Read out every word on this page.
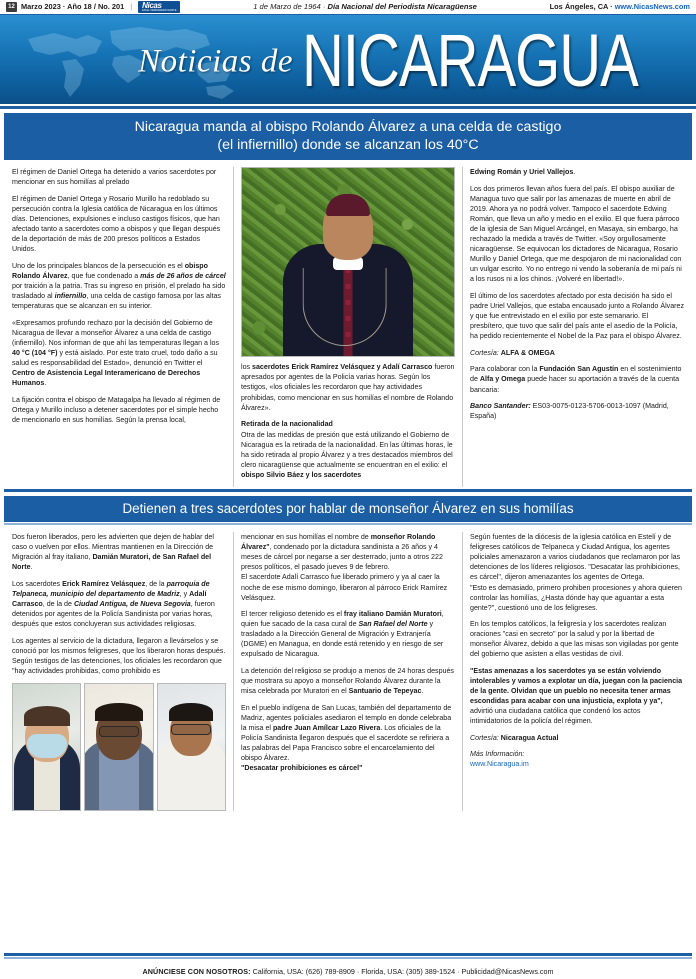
12 Marzo 2023 · Año 18 / No. 201 |	Nicas
EN EL VERDADERO NORTE	1 de Marzo de 1964 · Día Nacional del Periodista Nicaragüense	Los Ángeles, CA · www.NicasNews.com
Noticias de NICARAGUA
Nicaragua manda al obispo Rolando Álvarez a una celda de castigo
(el infiernillo) donde se alcanzan los 40°C

El régimen de Daniel Ortega ha detenido a varios sacerdotes por mencionar en sus homilías al prelado

El régimen de Daniel Ortega y Rosario Murillo ha redoblado su persecución contra la Iglesia católica de Nicaragua en los últimos días. Detenciones, expulsiones e incluso castigos físicos, que han afectado tanto a sacerdotes como a obispos y que llegan después de la deportación de más de 200 presos políticos a Estados Unidos.

Uno de los principales blancos de la persecución es el obispo Rolando Álvarez, que fue condenado a más de 26 años de cárcel por traición a la patria. Tras su ingreso en prisión, el prelado ha sido trasladado al infiernillo, una celda de castigo famosa por las altas temperaturas que se alcanzan en su interior.

«Expresamos profundo rechazo por la decisión del Gobierno de Nicaragua de llevar a monseñor Álvarez a una celda de castigo (infiernillo). Nos informan de que ahí las temperaturas llegan a los 40 °C (104 °F) y está aislado. Por este trato cruel, todo daño a su salud es responsabilidad del Estado», denunció en Twitter el Centro de Asistencia Legal Interamericano de Derechos Humanos.

La fijación contra el obispo de Matagalpa ha llevado al régimen de Ortega y Murillo incluso a detener sacerdotes por el simple hecho de mencionarlo en sus homilías. Según la prensa local,

los sacerdotes Erick Ramírez Velásquez y Adalí Carrasco fueron apresados por agentes de la Policía varias horas. Según los testigos, «los oficiales les recordaron que hay actividades prohibidas, como mencionar en sus homilías el nombre de Rolando Álvarez».

Retirada de la nacionalidad

Otra de las medidas de presión que está utilizando el Gobierno de Nicaragua es la retirada de la nacionalidad. En las últimas horas, le ha sido retirada al propio Álvarez y a tres destacados miembros del clero nicaragüense que actualmente se encuentran en el exilio: el obispo Silvio Báez y los sacerdotes

Edwing Román y Uriel Vallejos.

Los dos primeros llevan años fuera del país. El obispo auxiliar de Managua tuvo que salir por las amenazas de muerte en abril de 2019. Ahora ya no podrá volver. Tampoco el sacerdote Edwing Román, que lleva un año y medio en el exilio. El que fuera párroco de la iglesia de San Miguel Arcángel, en Masaya, sin embargo, ha rechazado la medida a través de Twitter. «Soy orgullosamente nicaragüense. Se equivocan los dictadores de Nicaragua, Rosario Murillo y Daniel Ortega, que me despojaron de mi nacionalidad con un vulgar escrito. Yo no entrego ni vendo la soberanía de mi país ni a los rusos ni a los chinos. ¡Volveré en libertad!».

El último de los sacerdotes afectado por esta decisión ha sido el padre Uriel Vallejos, que estaba encausado junto a Rolando Álvarez y que fue entrevistado en el exilio por este semanario. El presbítero, que tuvo que salir del país ante el asedio de la Policía, ha pedido recientemente el Nobel de la Paz para el obispo Álvarez.

Cortesía: ALFA & OMEGA

Para colaborar con la Fundación San Agustín en el sostenimiento de Alfa y Omega puede hacer su aportación a través de la cuenta bancaria:

Banco Santander: ES03-0075-0123-5706-0013-1097 (Madrid, España)

Detienen a tres sacerdotes por hablar de monseñor Álvarez en sus homilías

Dos fueron liberados, pero les advierten que dejen de hablar del caso o vuelven por ellos. Mientras mantienen en la Dirección de Migración al fray italiano, Damián Muratori, de San Rafael del Norte.

Los sacerdotes Erick Ramírez Velásquez, de la parroquia de Telpaneca, municipio del departamento de Madriz, y Adalí Carrasco, de la de Ciudad Antigua, de Nueva Segovia, fueron detenidos por agentes de la Policía Sandinista por varias horas, después que estos concluyeran sus actividades religiosas.

Los agentes al servicio de la dictadura, llegaron a llevárselos y se conoció por los mismos feligreses, que los liberaron horas después. Según testigos de las detenciones, los oficiales les recordaron que "hay actividades prohibidas, como prohibido es

mencionar en sus homilías el nombre de monseñor Rolando Álvarez", condenado por la dictadura sandinista a 26 años y 4 meses de cárcel por negarse a ser desterrado, junto a otros 222 presos políticos, el pasado jueves 9 de febrero.

El sacerdote Adalí Carrasco fue liberado primero y ya al caer la noche de ese mismo domingo, liberaron al párroco Erick Ramírez Velásquez.

El tercer religioso detenido es el fray italiano Damián Muratori, quien fue sacado de la casa cural de San Rafael del Norte y trasladado a la Dirección General de Migración y Extranjería (DGME) en Managua, en donde está retenido y en riesgo de ser expulsado de Nicaragua.

La detención del religioso se produjo a menos de 24 horas después que mostrara su apoyo a monseñor Rolando Álvarez durante la misa celebrada por Muratori en el Santuario de Tepeyac.

En el pueblo indígena de San Lucas, también del departamento de Madriz, agentes policiales asediaron el templo en donde celebraba la misa el padre Juan Amílcar Lazo Rivera. Los oficiales de la Policía Sandinista llegaron después que el sacerdote se refiriera a las palabras del Papa Francisco sobre el encarcelamiento del obispo Álvarez.

"Desacatar prohibiciones es cárcel"

Según fuentes de la diócesis de la iglesia católica en Estelí y de feligreses católicos de Telpaneca y Ciudad Antigua, los agentes policiales amenazaron a varios ciudadanos que reclamaron por las detenciones de los líderes religiosos. "Desacatar las prohibiciones, es cárcel", dijeron amenazantes los agentes de Ortega.

"Esto es demasiado, primero prohiben procesiones y ahora quieren controlar las homilías, ¿Hasta dónde hay que aguantar a esta gente?", cuestionó uno de los feligreses.

En los templos católicos, la feligresía y los sacerdotes realizan oraciones "casi en secreto" por la salud y por la libertad de monseñor Álvarez, debido a que las misas son vigiladas por gente del gobierno que asisten a ellas vestidas de civil.

"Estas amenazas a los sacerdotes ya se están volviendo intolerables y vamos a explotar un día, juegan con la paciencia de la gente. Olvidan que un pueblo no necesita tener armas escondidas para acabar con una injusticia, explota y ya",

advirtió una ciudadana católica que condenó los actos intimidatorios de la policía del régimen.

Cortesía: Nicaragua Actual

Más Información:

www.Nicaragua.im

ANÚNCIESE CON NOSOTROS: California, USA: (626) 789-8909 · Florida, USA: (305) 389-1524 · Publicidad@NicasNews.com
